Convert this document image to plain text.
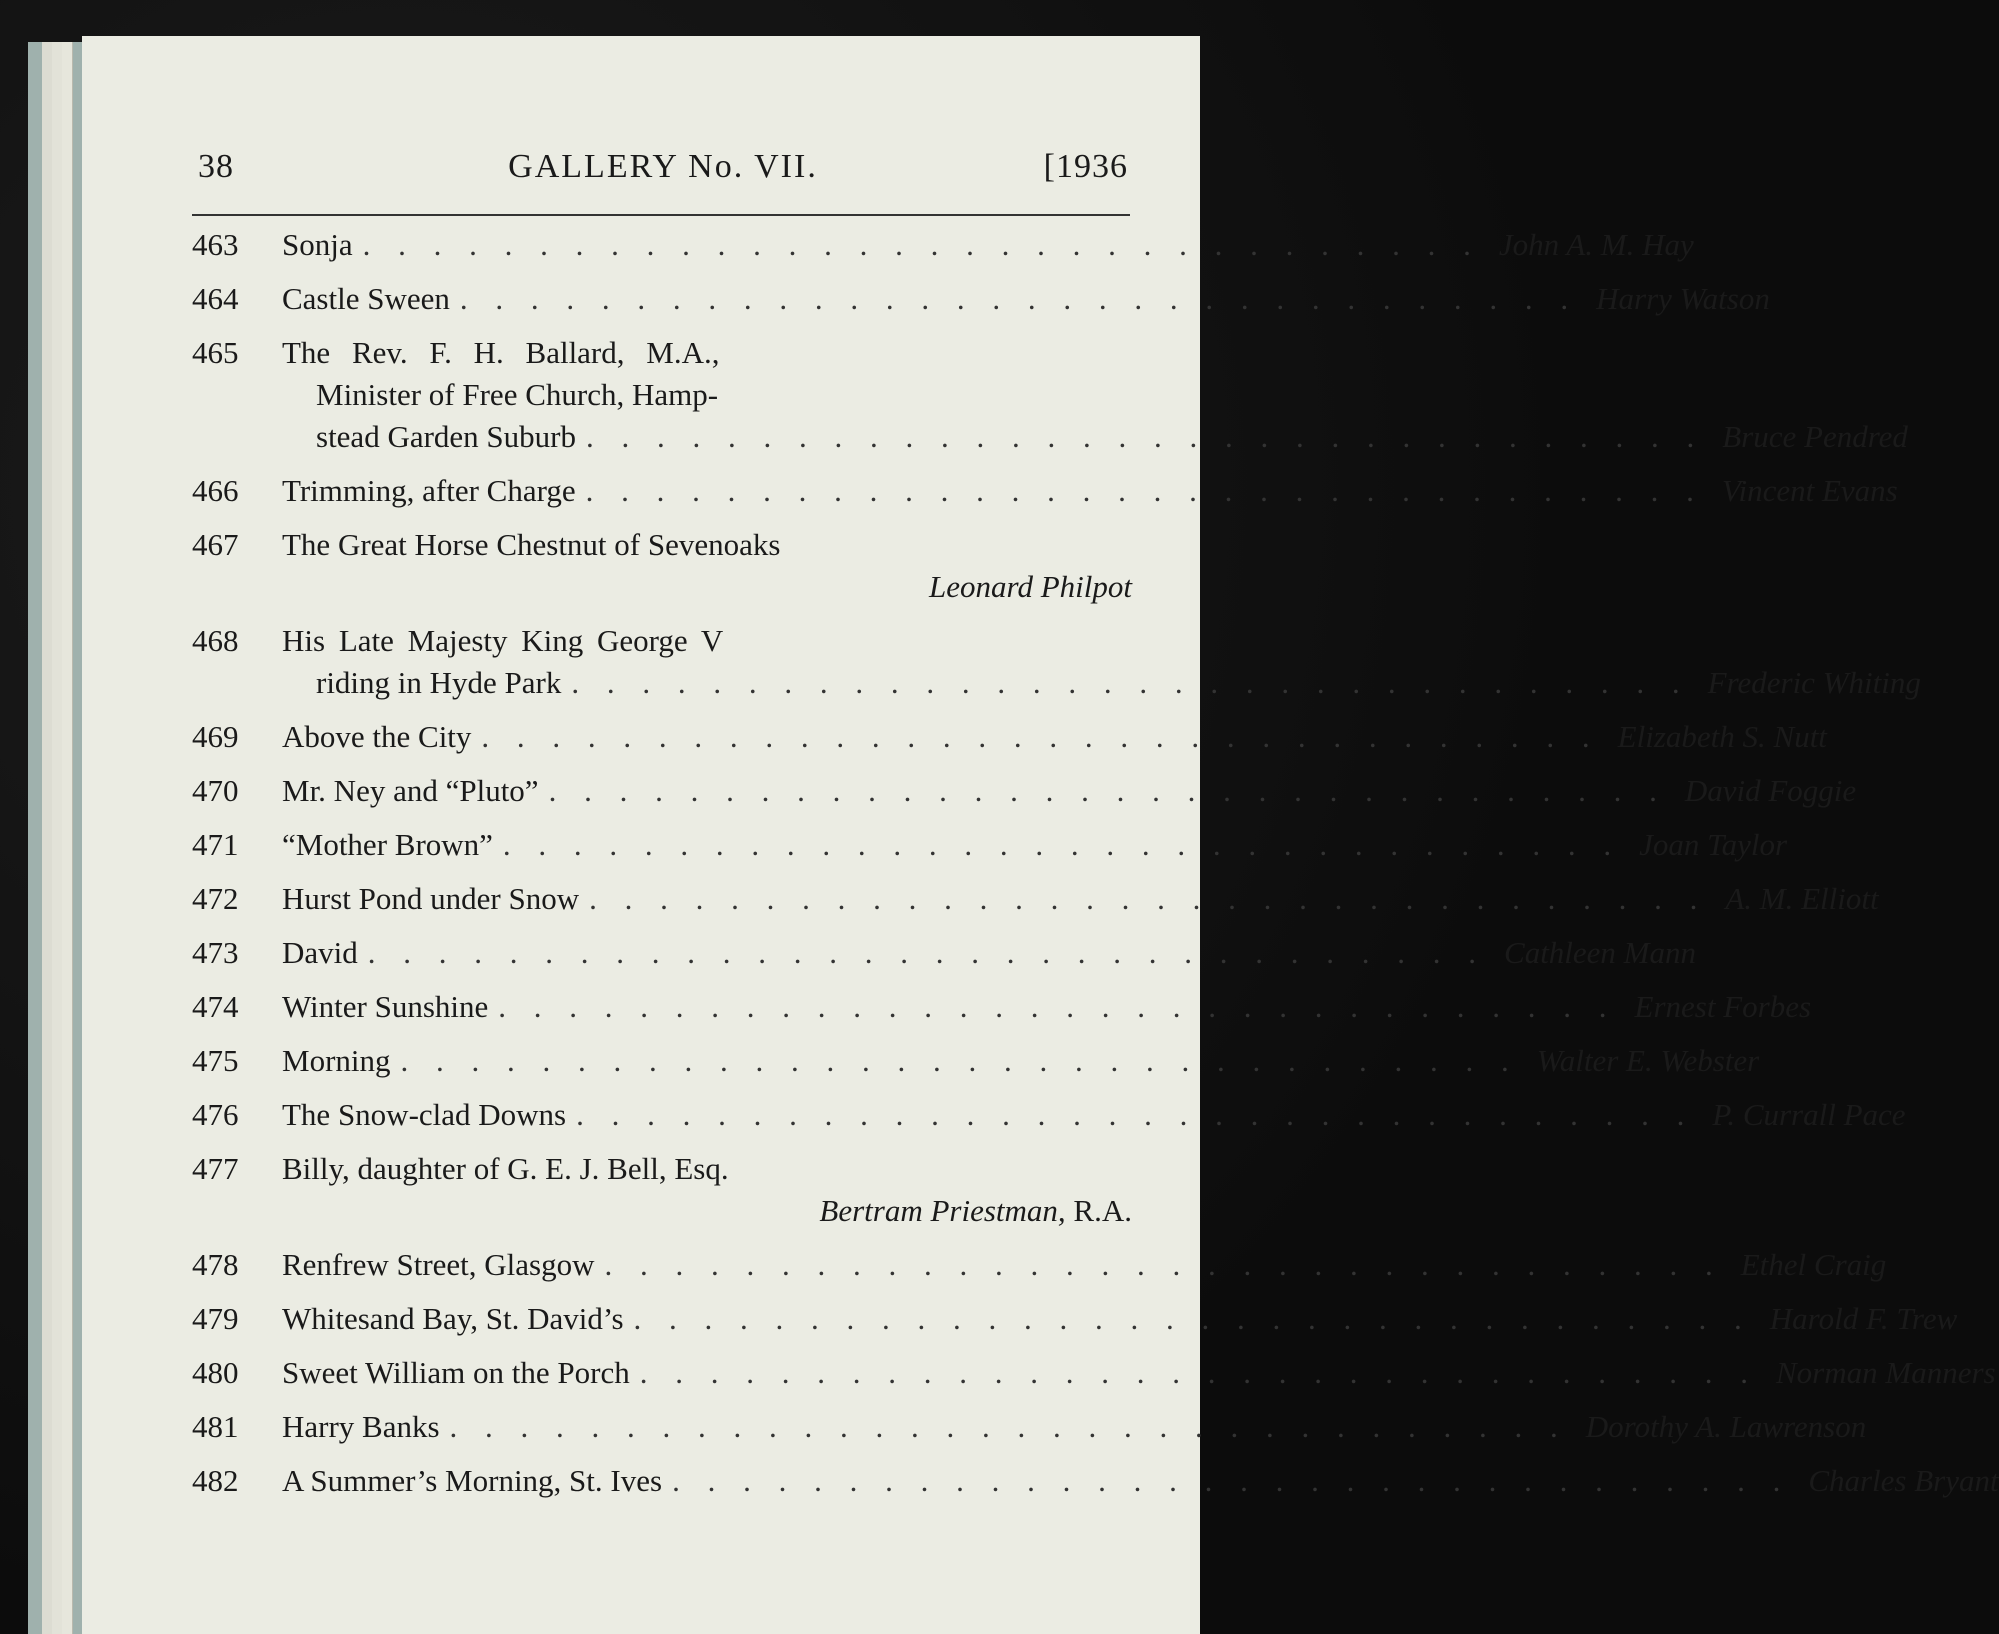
38	GALLERY No. VII.	[1936
463	Sonja . . . . . . . . . . . . . . . . . . . . . . . . . . . . . . . . John A. M. Hay
464	Castle Sween . . . . . . . . . . . . . . . . . . . . . . . . . . . . . . . . Harry Watson
465	The Rev. F. H. Ballard, M.A.,
Minister of Free Church, Hamp-
stead Garden Suburb . . . . . . . . . . . . . . . . . . . . . . . . . . . . . . . . Bruce Pendred
466	Trimming, after Charge . . . . . . . . . . . . . . . . . . . . . . . . . . . . . . . . Vincent Evans
467	The Great Horse Chestnut of Sevenoaks
Leonard Philpot
468	His Late Majesty King George V
riding in Hyde Park . . . . . . . . . . . . . . . . . . . . . . . . . . . . . . . . Frederic Whiting
469	Above the City . . . . . . . . . . . . . . . . . . . . . . . . . . . . . . . . Elizabeth S. Nutt
470	Mr. Ney and “Pluto” . . . . . . . . . . . . . . . . . . . . . . . . . . . . . . . . David Foggie
471	“Mother Brown” . . . . . . . . . . . . . . . . . . . . . . . . . . . . . . . . Joan Taylor
472	Hurst Pond under Snow . . . . . . . . . . . . . . . . . . . . . . . . . . . . . . . . A. M. Elliott
473	David . . . . . . . . . . . . . . . . . . . . . . . . . . . . . . . . Cathleen Mann
474	Winter Sunshine . . . . . . . . . . . . . . . . . . . . . . . . . . . . . . . . Ernest Forbes
475	Morning . . . . . . . . . . . . . . . . . . . . . . . . . . . . . . . . Walter E. Webster
476	The Snow-clad Downs . . . . . . . . . . . . . . . . . . . . . . . . . . . . . . . . P. Currall Pace
477	Billy, daughter of G. E. J. Bell, Esq.
Bertram Priestman, R.A.
478	Renfrew Street, Glasgow . . . . . . . . . . . . . . . . . . . . . . . . . . . . . . . . Ethel Craig
479	Whitesand Bay, St. David’s . . . . . . . . . . . . . . . . . . . . . . . . . . . . . . . . Harold F. Trew
480	Sweet William on the Porch . . . . . . . . . . . . . . . . . . . . . . . . . . . . . . . . Norman Manners
481	Harry Banks . . . . . . . . . . . . . . . . . . . . . . . . . . . . . . . . Dorothy A. Lawrenson
482	A Summer’s Morning, St. Ives . . . . . . . . . . . . . . . . . . . . . . . . . . . . . . . . Charles Bryant
